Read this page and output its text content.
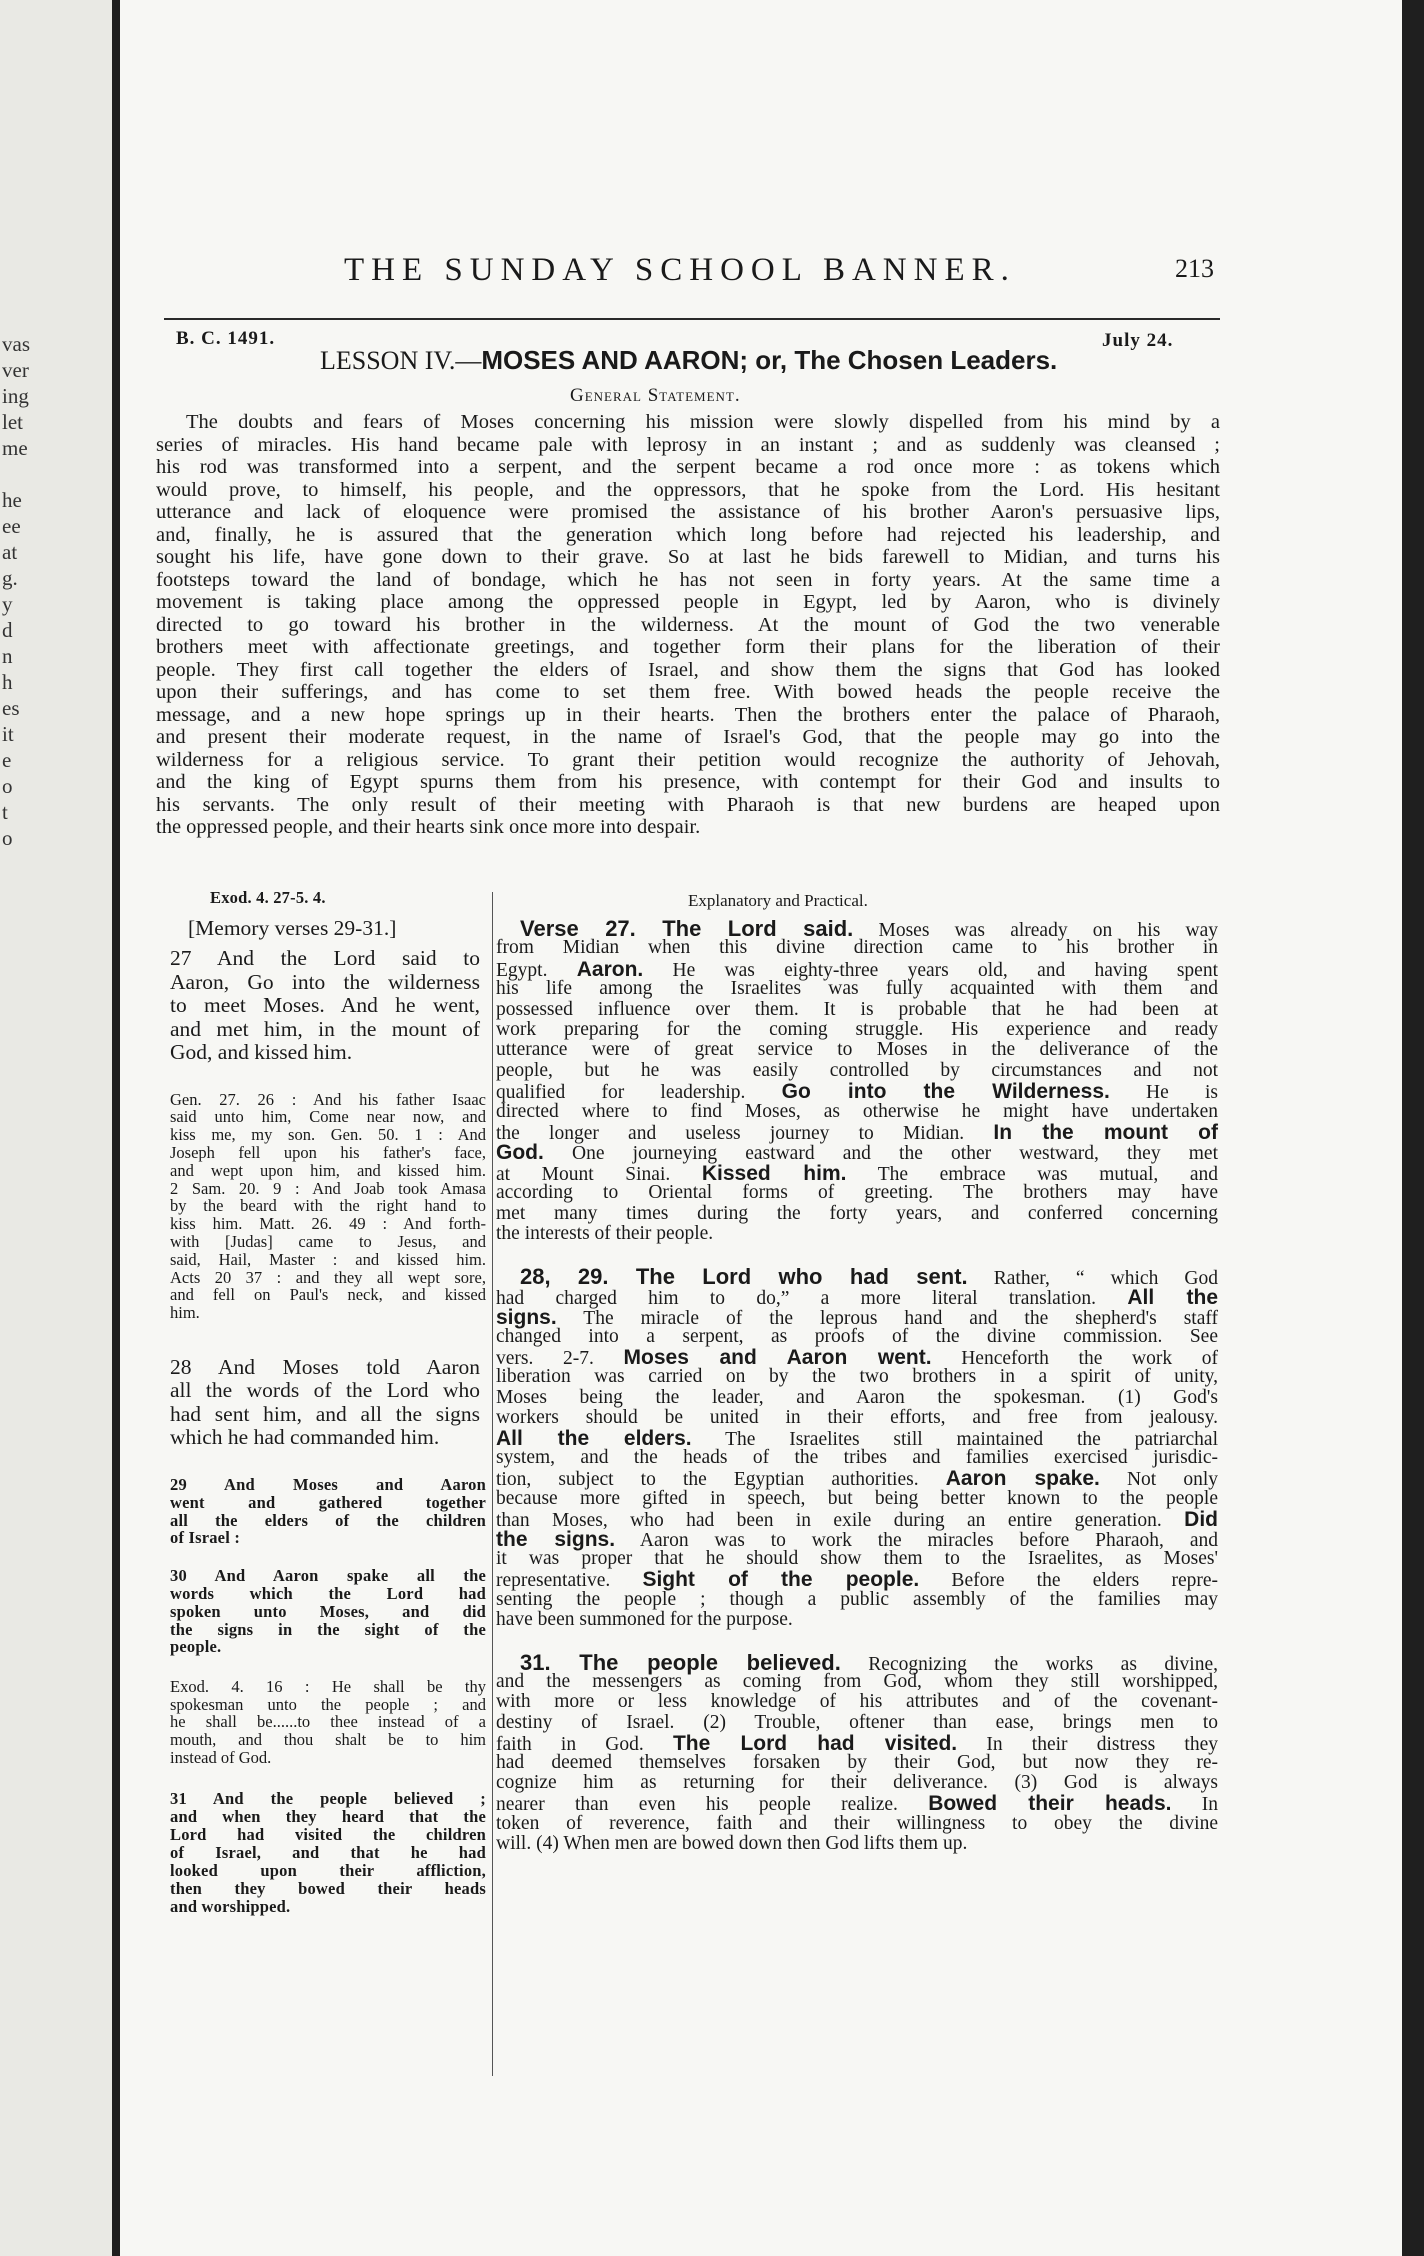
vas
ver
ing
let
me
he
ee
at
g.
y
d
n
h
es
it
e
o
t
o
THE SUNDAY SCHOOL BANNER.	213
B. C. 1491.	July 24.
LESSON IV.—MOSES AND AARON; or, The Chosen Leaders.
General Statement.
The doubts and fears of Moses concerning his mission were slowly dispelled from his mind by a
series of miracles. His hand became pale with leprosy in an instant ; and as suddenly was cleansed ;
his rod was transformed into a serpent, and the serpent became a rod once more : as tokens which
would prove, to himself, his people, and the oppressors, that he spoke from the Lord. His hesitant
utterance and lack of eloquence were promised the assistance of his brother Aaron's persuasive lips,
and, finally, he is assured that the generation which long before had rejected his leadership, and
sought his life, have gone down to their grave. So at last he bids farewell to Midian, and turns his
footsteps toward the land of bondage, which he has not seen in forty years. At the same time a
movement is taking place among the oppressed people in Egypt, led by Aaron, who is divinely
directed to go toward his brother in the wilderness. At the mount of God the two venerable
brothers meet with affectionate greetings, and together form their plans for the liberation of their
people. They first call together the elders of Israel, and show them the signs that God has looked
upon their sufferings, and has come to set them free. With bowed heads the people receive the
message, and a new hope springs up in their hearts. Then the brothers enter the palace of Pharaoh,
and present their moderate request, in the name of Israel's God, that the people may go into the
wilderness for a religious service. To grant their petition would recognize the authority of Jehovah,
and the king of Egypt spurns them from his presence, with contempt for their God and insults to
his servants. The only result of their meeting with Pharaoh is that new burdens are heaped upon
the oppressed people, and their hearts sink once more into despair.
Exod. 4. 27-5. 4.
[Memory verses 29-31.]
27 And the Lord said to
Aaron, Go into the wilderness
to meet Moses. And he went,
and met him, in the mount of
God, and kissed him.
Gen. 27. 26 : And his father Isaac
said unto him, Come near now, and
kiss me, my son. Gen. 50. 1 : And
Joseph fell upon his father's face,
and wept upon him, and kissed him.
2 Sam. 20. 9 : And Joab took Amasa
by the beard with the right hand to
kiss him. Matt. 26. 49 : And forth-
with [Judas] came to Jesus, and
said, Hail, Master : and kissed him.
Acts 20 37 : and they all wept sore,
and fell on Paul's neck, and kissed
him.
28 And Moses told Aaron
all the words of the Lord who
had sent him, and all the signs
which he had commanded him.
29 And Moses and Aaron
went and gathered together
all the elders of the children
of Israel :
30 And Aaron spake all the
words which the Lord had
spoken unto Moses, and did
the signs in the sight of the
people.
Exod. 4. 16 : He shall be thy
spokesman unto the people ; and
he shall be......to thee instead of a
mouth, and thou shalt be to him
instead of God.
31 And the people believed ;
and when they heard that the
Lord had visited the children
of Israel, and that he had
looked upon their affliction,
then they bowed their heads
and worshipped.
Explanatory and Practical.
Verse 27. The Lord said. Moses was already on his way
from Midian when this divine direction came to his brother in
Egypt. Aaron. He was eighty-three years old, and having spent
his life among the Israelites was fully acquainted with them and
possessed influence over them. It is probable that he had been at
work preparing for the coming struggle. His experience and ready
utterance were of great service to Moses in the deliverance of the
people, but he was easily controlled by circumstances and not
qualified for leadership. Go into the Wilderness. He is
directed where to find Moses, as otherwise he might have undertaken
the longer and useless journey to Midian. In the mount of
God. One journeying eastward and the other westward, they met
at Mount Sinai. Kissed him. The embrace was mutual, and
according to Oriental forms of greeting. The brothers may have
met many times during the forty years, and conferred concerning
the interests of their people.
28, 29. The Lord who had sent. Rather, “ which God
had charged him to do,” a more literal translation. All the
signs. The miracle of the leprous hand and the shepherd's staff
changed into a serpent, as proofs of the divine commission. See
vers. 2-7. Moses and Aaron went. Henceforth the work of
liberation was carried on by the two brothers in a spirit of unity,
Moses being the leader, and Aaron the spokesman. (1) God's
workers should be united in their efforts, and free from jealousy.
All the elders. The Israelites still maintained the patriarchal
system, and the heads of the tribes and families exercised jurisdic-
tion, subject to the Egyptian authorities. Aaron spake. Not only
because more gifted in speech, but being better known to the people
than Moses, who had been in exile during an entire generation. Did
the signs. Aaron was to work the miracles before Pharaoh, and
it was proper that he should show them to the Israelites, as Moses'
representative. Sight of the people. Before the elders repre-
senting the people ; though a public assembly of the families may
have been summoned for the purpose.
31. The people believed. Recognizing the works as divine,
and the messengers as coming from God, whom they still worshipped,
with more or less knowledge of his attributes and of the covenant-
destiny of Israel. (2) Trouble, oftener than ease, brings men to
faith in God. The Lord had visited. In their distress they
had deemed themselves forsaken by their God, but now they re-
cognize him as returning for their deliverance. (3) God is always
nearer than even his people realize. Bowed their heads. In
token of reverence, faith and their willingness to obey the divine
will. (4) When men are bowed down then God lifts them up.
